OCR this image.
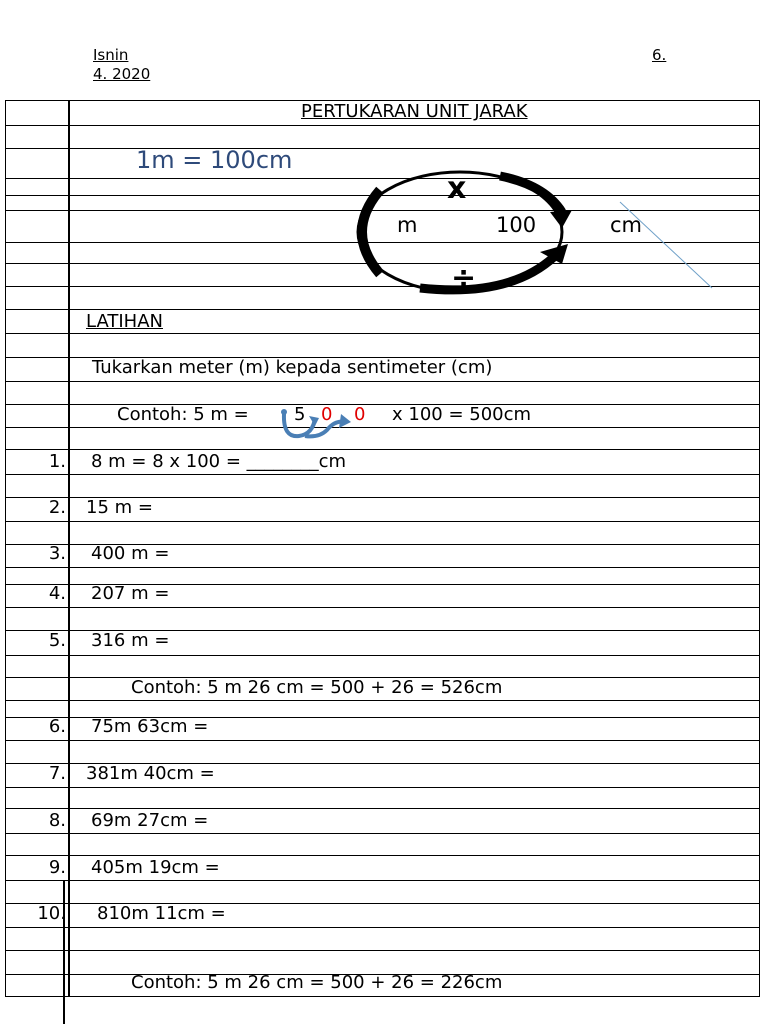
Isnin	6.
4. 2020
PERTUKARAN UNIT JARAK
1m = 100cm
x
÷
m	100	cm
LATIHAN
Tukarkan meter (m) kepada sentimeter (cm)
Contoh: 5 m =	5 0 0 x 100 = 500cm
1. 8 m = 8 x 100 = ________cm
2. 15 m =
3. 400 m =
4. 207 m =
5. 316 m =
Contoh: 5 m 26 cm = 500 + 26 = 526cm
6. 75m 63cm =
7. 381m 40cm =
8. 69m 27cm =
9. 405m 19cm =
10. 810m 11cm =
Contoh: 5 m 26 cm = 500 + 26 = 226cm
